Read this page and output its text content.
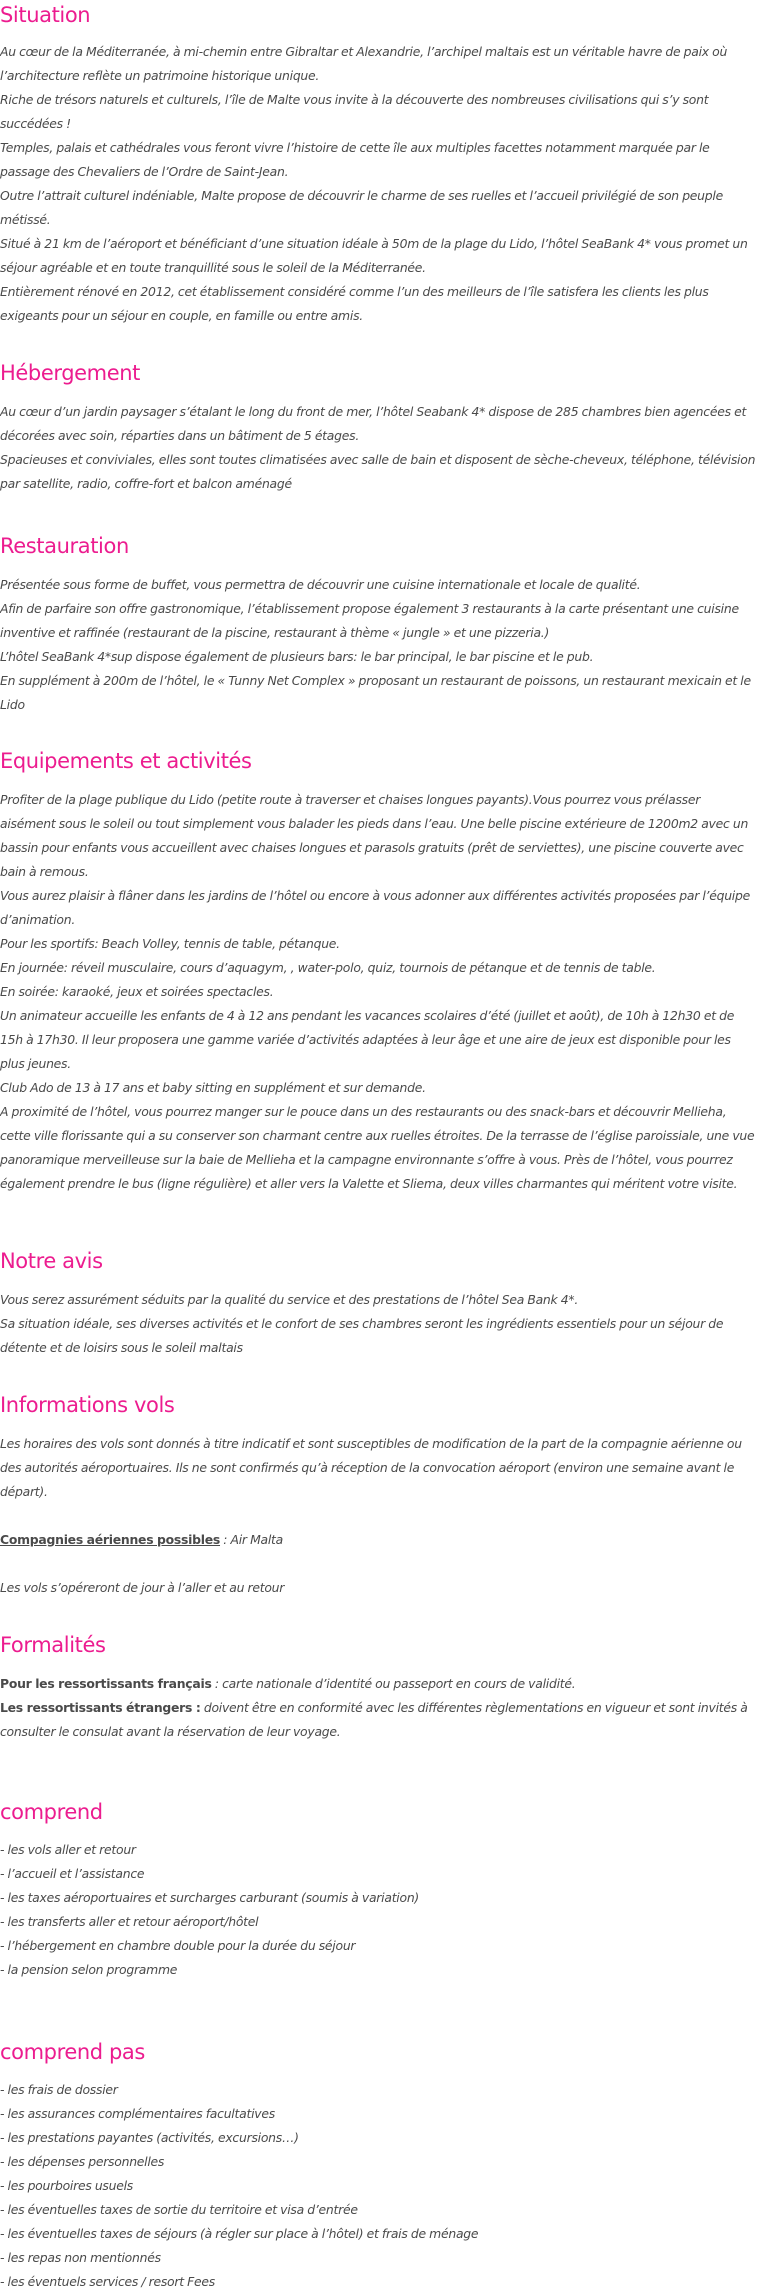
Situation

Au cœur de la Méditerranée, à mi-chemin entre Gibraltar et Alexandrie, l’archipel maltais est un véritable havre de paix où l’architecture reflète un patrimoine historique unique.

Riche de trésors naturels et culturels, l’île de Malte vous invite à la découverte des nombreuses civilisations qui s’y sont succédées !

Temples, palais et cathédrales vous feront vivre l’histoire de cette île aux multiples facettes notamment marquée par le passage des Chevaliers de l’Ordre de Saint-Jean.

Outre l’attrait culturel indéniable, Malte propose de découvrir le charme de ses ruelles et l’accueil privilégié de son peuple métissé.

Situé à 21 km de l’aéroport et bénéficiant d’une situation idéale à 50m de la plage du Lido, l’hôtel SeaBank 4* vous promet un séjour agréable et en toute tranquillité sous le soleil de la Méditerranée.

Entièrement rénové en 2012, cet établissement considéré comme l’un des meilleurs de l’île satisfera les clients les plus exigeants pour un séjour en couple, en famille ou entre amis.

Hébergement

Au cœur d’un jardin paysager s’étalant le long du front de mer, l’hôtel Seabank 4* dispose de 285 chambres bien agencées et décorées avec soin, réparties dans un bâtiment de 5 étages.

Spacieuses et conviviales, elles sont toutes climatisées avec salle de bain et disposent de sèche-cheveux, téléphone, télévision par satellite, radio, coffre-fort et balcon aménagé

Restauration

Présentée sous forme de buffet, vous permettra de découvrir une cuisine internationale et locale de qualité.

Afin de parfaire son offre gastronomique, l’établissement propose également 3 restaurants à la carte présentant une cuisine inventive et raffinée (restaurant de la piscine, restaurant à thème « jungle » et une pizzeria.)

L’hôtel SeaBank 4*sup dispose également de plusieurs bars: le bar principal, le bar piscine et le pub.

En supplément à 200m de l’hôtel, le « Tunny Net Complex » proposant un restaurant de poissons, un restaurant mexicain et le Lido

Equipements et activités

Profiter de la plage publique du Lido (petite route à traverser et chaises longues payants).Vous pourrez vous prélasser aisément sous le soleil ou tout simplement vous balader les pieds dans l’eau. Une belle piscine extérieure de 1200m2 avec un bassin pour enfants vous accueillent avec chaises longues et parasols gratuits (prêt de serviettes), une piscine couverte avec bain à remous.

Vous aurez plaisir à flâner dans les jardins de l’hôtel ou encore à vous adonner aux différentes activités proposées par l’équipe d’animation.

Pour les sportifs: Beach Volley, tennis de table, pétanque.

En journée: réveil musculaire, cours d’aquagym, , water-polo, quiz, tournois de pétanque et de tennis de table.

En soirée: karaoké, jeux et soirées spectacles.

Un animateur accueille les enfants de 4 à 12 ans pendant les vacances scolaires d’été (juillet et août), de 10h à 12h30 et de 15h à 17h30. Il leur proposera une gamme variée d’activités adaptées à leur âge et une aire de jeux est disponible pour les plus jeunes.

Club Ado de 13 à 17 ans et baby sitting en supplément et sur demande.

A proximité de l’hôtel, vous pourrez manger sur le pouce dans un des restaurants ou des snack-bars et découvrir Mellieha, cette ville florissante qui a su conserver son charmant centre aux ruelles étroites. De la terrasse de l’église paroissiale, une vue panoramique merveilleuse sur la baie de Mellieha et la campagne environnante s’offre à vous. Près de l’hôtel, vous pourrez également prendre le bus (ligne régulière) et aller vers la Valette et Sliema, deux villes charmantes qui méritent votre visite.

Notre avis

Vous serez assurément séduits par la qualité du service et des prestations de l’hôtel Sea Bank 4*.

Sa situation idéale, ses diverses activités et le confort de ses chambres seront les ingrédients essentiels pour un séjour de détente et de loisirs sous le soleil maltais

Informations vols

Les horaires des vols sont donnés à titre indicatif et sont susceptibles de modification de la part de la compagnie aérienne ou des autorités aéroportuaires. Ils ne sont confirmés qu’à réception de la convocation aéroport (environ une semaine avant le départ).

Compagnies aériennes possibles : Air Malta

Les vols s’opéreront de jour à l’aller et au retour

Formalités

Pour les ressortissants français : carte nationale d’identité ou passeport en cours de validité.

Les ressortissants étrangers : doivent être en conformité avec les différentes règlementations en vigueur et sont invités à consulter le consulat avant la réservation de leur voyage.

comprend
- les vols aller et retour
- l’accueil et l’assistance
- les taxes aéroportuaires et surcharges carburant (soumis à variation)
- les transferts aller et retour aéroport/hôtel
- l’hébergement en chambre double pour la durée du séjour
- la pension selon programme
comprend pas
- les frais de dossier
- les assurances complémentaires facultatives
- les prestations payantes (activités, excursions…)
- les dépenses personnelles
- les pourboires usuels
- les éventuelles taxes de sortie du territoire et visa d’entrée
- les éventuelles taxes de séjours (à régler sur place à l’hôtel) et frais de ménage
- les repas non mentionnés
- les éventuels services / resort Fees
